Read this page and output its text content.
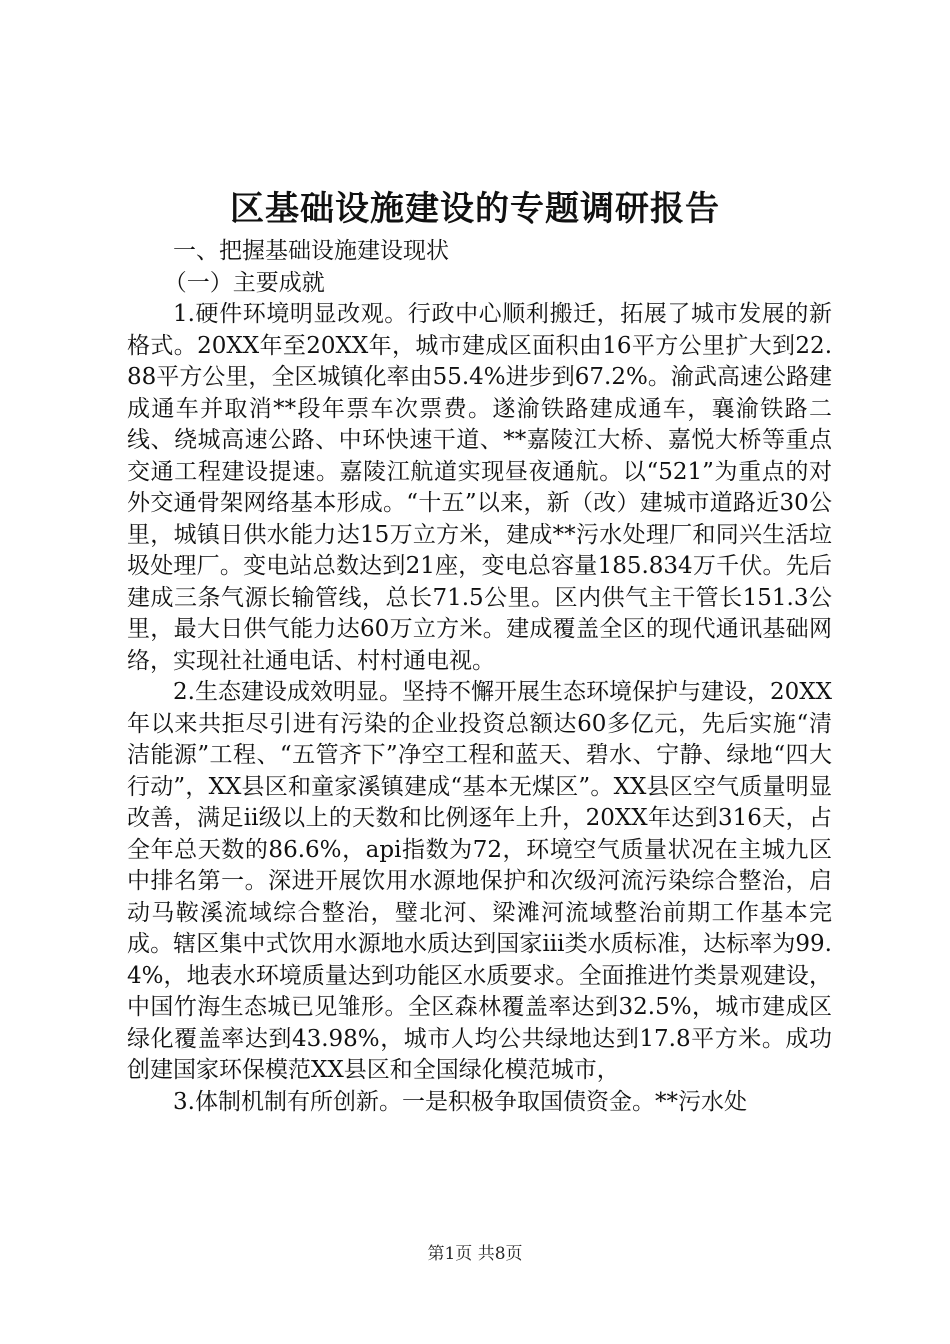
区基础设施建设的专题调研报告

一、把握基础设施建设现状

（一）主要成就

1.硬件环境明显改观。行政中心顺利搬迁，拓展了城市发展的新格式。20XX年至20XX年，城市建成区面积由16平方公里扩大到22.88平方公里，全区城镇化率由55.4%进步到67.2%。渝武高速公路建成通车并取消**段年票车次票费。遂渝铁路建成通车，襄渝铁路二线、绕城高速公路、中环快速干道、**嘉陵江大桥、嘉悦大桥等重点交通工程建设提速。嘉陵江航道实现昼夜通航。以“521”为重点的对外交通骨架网络基本形成。“十五”以来，新（改）建城市道路近30公里，城镇日供水能力达15万立方米，建成**污水处理厂和同兴生活垃圾处理厂。变电站总数达到21座，变电总容量185.834万千伏。先后建成三条气源长输管线，总长71.5公里。区内供气主干管长151.3公里，最大日供气能力达60万立方米。建成覆盖全区的现代通讯基础网络，实现社社通电话、村村通电视。

2.生态建设成效明显。坚持不懈开展生态环境保护与建设，20XX年以来共拒尽引进有污染的企业投资总额达60多亿元，先后实施“清洁能源”工程、“五管齐下”净空工程和蓝天、碧水、宁静、绿地“四大行动”，XX县区和童家溪镇建成“基本无煤区”。XX县区空气质量明显改善，满足ii级以上的天数和比例逐年上升，20XX年达到316天，占全年总天数的86.6%，api指数为72，环境空气质量状况在主城九区中排名第一。深进开展饮用水源地保护和次级河流污染综合整治，启动马鞍溪流域综合整治，璧北河、梁滩河流域整治前期工作基本完成。辖区集中式饮用水源地水质达到国家iii类水质标准，达标率为99.4%，地表水环境质量达到功能区水质要求。全面推进竹类景观建设，中国竹海生态城已见雏形。全区森林覆盖率达到32.5%，城市建成区绿化覆盖率达到43.98%，城市人均公共绿地达到17.8平方米。成功创建国家环保模范XX县区和全国绿化模范城市，

3.体制机制有所创新。一是积极争取国债资金。**污水处

第1页 共8页
